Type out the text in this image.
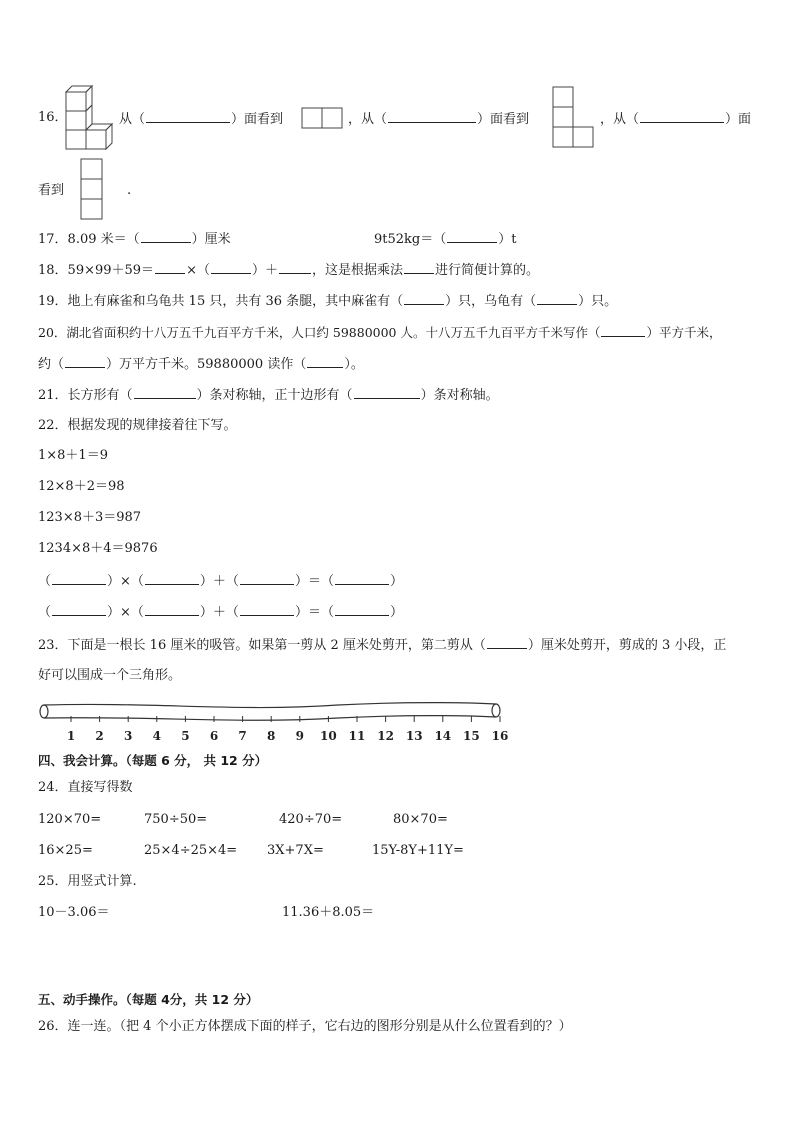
16．	从（	）面看到	，从（	）面看到	，从（	）面
看到	.
17．8.09 米＝（	）厘米	9t52kg＝（	）t
18．59×99＋59＝ ×（	）＋	，这是根据乘法 进行简便计算的。
19．地上有麻雀和乌龟共 15 只，共有 36 条腿，其中麻雀有（	）只，乌龟有（	）只。
20．湖北省面积约十八万五千九百平方千米，人口约 59880000 人。十八万五千九百平方千米写作（	）平方千米，
约（	）万平方千米。59880000 读作（	）。
21．长方形有（	）条对称轴，正十边形有（	）条对称轴。
22．根据发现的规律接着往下写。
1×8＋1＝9
12×8＋2＝98
123×8＋3＝987
1234×8＋4＝9876
（	）×（	）＋（	）＝（	）
（	）×（	）＋（	）＝（	）
23．下面是一根长 16 厘米的吸管。如果第一剪从 2 厘米处剪开，第二剪从（	）厘米处剪开，剪成的 3 小段，正
好可以围成一个三角形。
1 2 3 4 5 6 7 8 9 10 11 12 13 14 15 16
四、我会计算。（每题 6 分， 共 12 分）
24．直接写得数
120×70=	750÷50=	420÷70=	80×70=
16×25=	25×4÷25×4= 3X+7X=	15Y-8Y+11Y=
25．用竖式计算.
10－3.06＝	11.36＋8.05＝
五、动手操作。（每题 4分，共 12 分）
26．连一连。（把 4 个小正方体摆成下面的样子，它右边的图形分别是从什么位置看到的？）
